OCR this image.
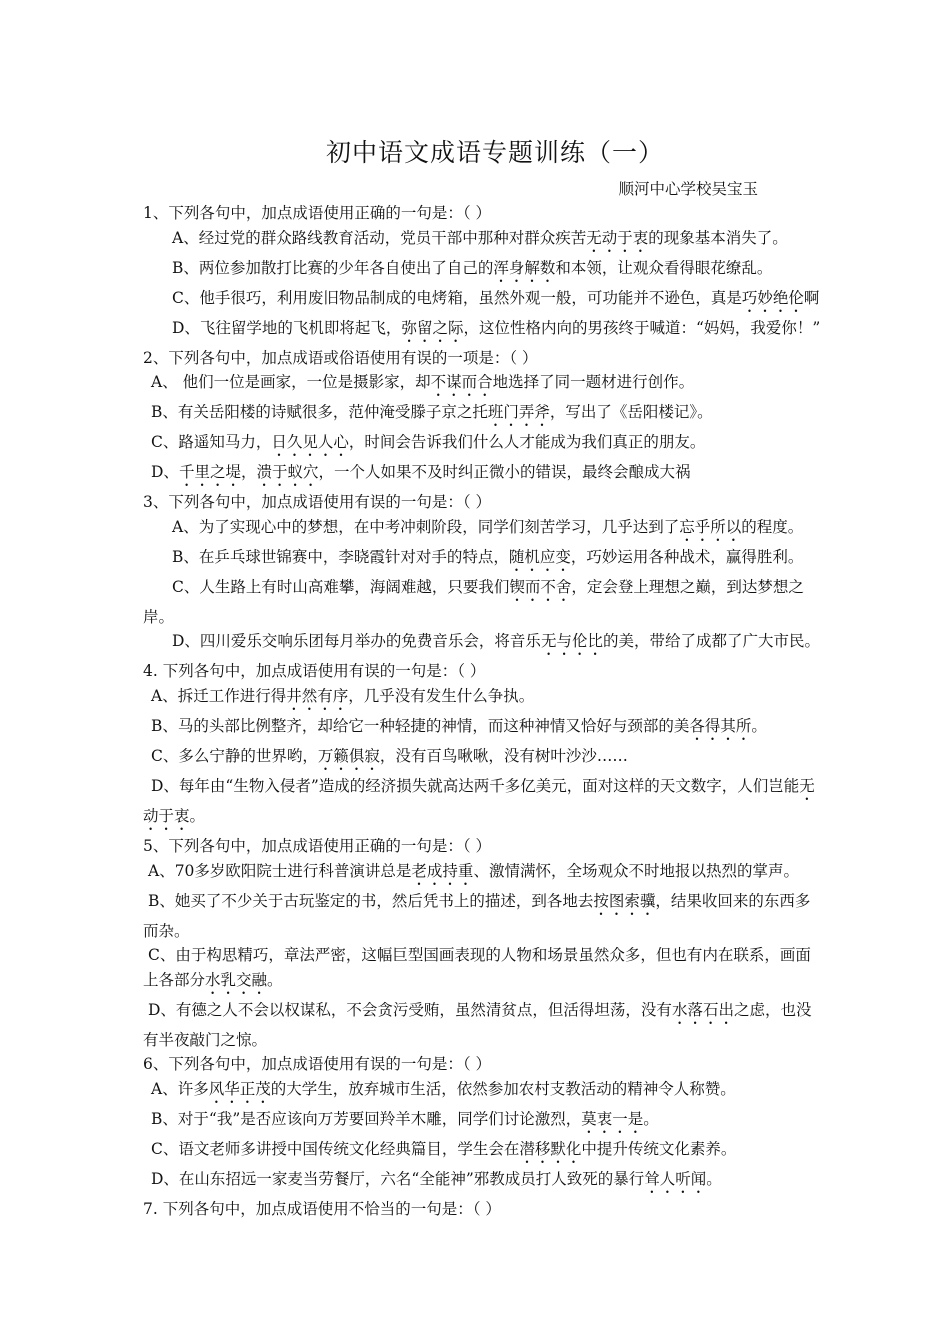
初中语文成语专题训练（一）
顺河中心学校吴宝玉

1、下列各句中，加点成语使用正确的一句是：（ ）

A、经过党的群众路线教育活动，党员干部中那种对群众疾苦无动于衷的现象基本消失了。

B、两位参加散打比赛的少年各自使出了自己的浑身解数和本领，让观众看得眼花缭乱。

C、他手很巧，利用废旧物品制成的电烤箱，虽然外观一般，可功能并不逊色，真是巧妙绝伦啊

D、飞往留学地的飞机即将起飞，弥留之际，这位性格内向的男孩终于喊道：“妈妈，我爱你！”

2、下列各句中，加点成语或俗语使用有误的一项是：（ ）

A、 他们一位是画家，一位是摄影家，却不谋而合地选择了同一题材进行创作。

B、有关岳阳楼的诗赋很多，范仲淹受滕子京之托班门弄斧，写出了《岳阳楼记》。

C、路遥知马力，日久见人心，时间会告诉我们什么人才能成为我们真正的朋友。

D、千里之堤，溃于蚁穴，一个人如果不及时纠正微小的错误，最终会酿成大祸

3、下列各句中，加点成语使用有误的一句是：（ ）

A、为了实现心中的梦想，在中考冲刺阶段，同学们刻苦学习，几乎达到了忘乎所以的程度。

B、在乒乓球世锦赛中，李晓霞针对对手的特点，随机应变，巧妙运用各种战术，赢得胜利。

C、人生路上有时山高难攀，海阔难越，只要我们锲而不舍，定会登上理想之巅，到达梦想之岸。

D、四川爱乐交响乐团每月举办的免费音乐会，将音乐无与伦比的美，带给了成都了广大市民。

4. 下列各句中，加点成语使用有误的一句是：（ ）

A、拆迁工作进行得井然有序，几乎没有发生什么争执。

B、马的头部比例整齐，却给它一种轻捷的神情，而这种神情又恰好与颈部的美各得其所。

C、多么宁静的世界哟，万籁俱寂，没有百鸟啾啾，没有树叶沙沙……

D、每年由“生物入侵者”造成的经济损失就高达两千多亿美元，面对这样的天文数字，人们岂能无动于衷。

5、下列各句中，加点成语使用正确的一句是：（ ）

A、70多岁欧阳院士进行科普演讲总是老成持重、激情满怀，全场观众不时地报以热烈的掌声。

B、她买了不少关于古玩鉴定的书，然后凭书上的描述，到各地去按图索骥，结果收回来的东西多而杂。

C、由于构思精巧，章法严密，这幅巨型国画表现的人物和场景虽然众多，但也有内在联系，画面上各部分水乳交融。

D、有德之人不会以权谋私，不会贪污受贿，虽然清贫点，但活得坦荡，没有水落石出之虑，也没有半夜敲门之惊。

6、下列各句中，加点成语使用有误的一句是：（ ）

A、许多风华正茂的大学生，放弃城市生活，依然参加农村支教活动的精神令人称赞。

B、对于“我”是否应该向万芳要回羚羊木雕，同学们讨论激烈，莫衷一是。

C、语文老师多讲授中国传统文化经典篇目，学生会在潜移默化中提升传统文化素养。

D、在山东招远一家麦当劳餐厅，六名“全能神”邪教成员打人致死的暴行耸人听闻。

7. 下列各句中，加点成语使用不恰当的一句是：（ ）
